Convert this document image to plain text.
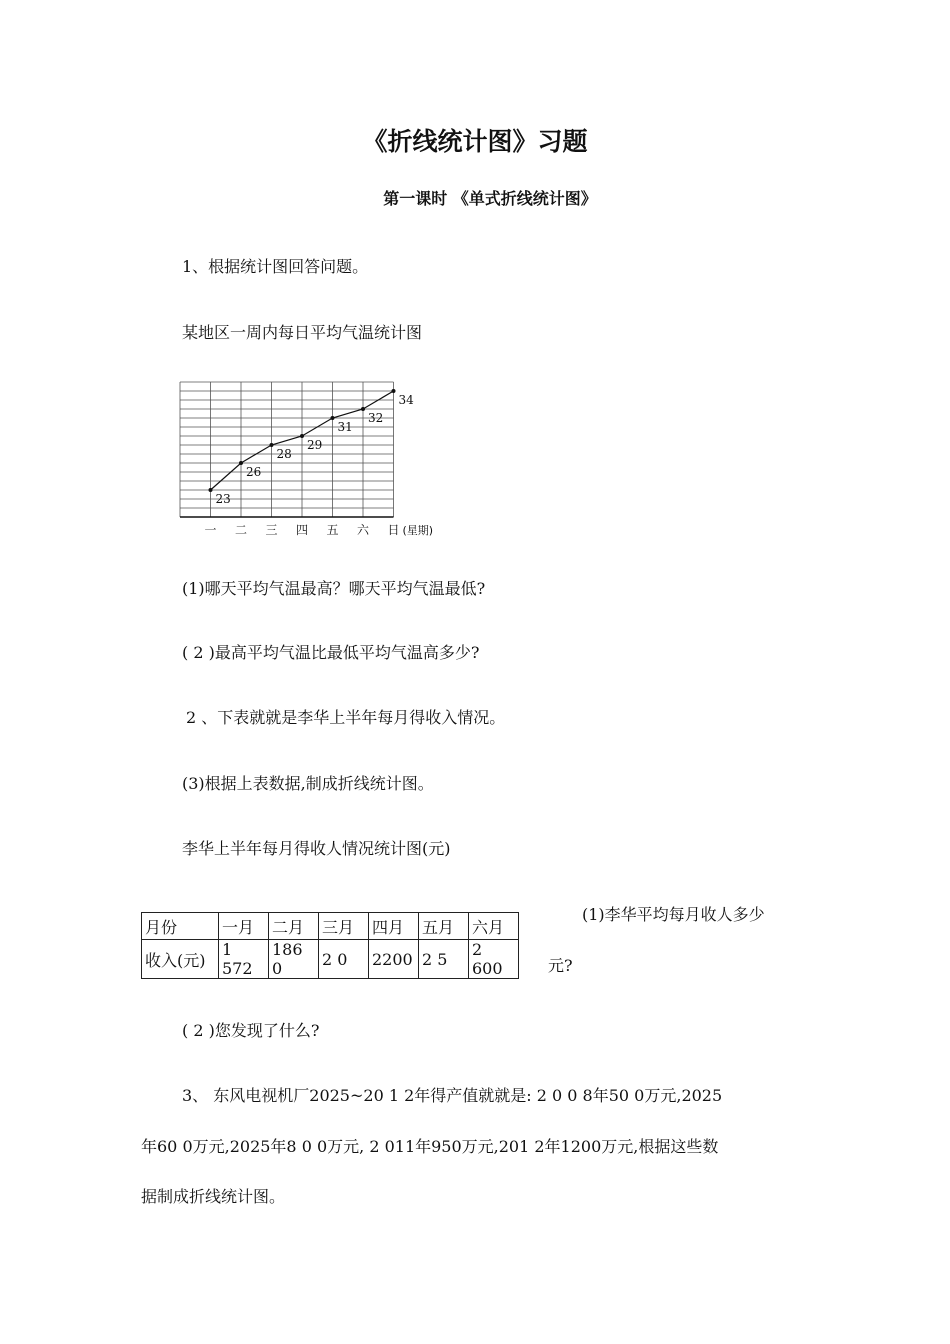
《折线统计图》习题
第一课时 《单式折线统计图》
1、根据统计图回答问题。
某地区一周内每日平均气温统计图
23
26
28
29
31
32
34
一 二 三 四 五 六 日 (星期)
(1)哪天平均气温最高？哪天平均气温最低?
( 2 )最高平均气温比最低平均气温高多少?
2 、下表就就是李华上半年每月得收入情况。
(3)根据上表数据,制成折线统计图。
李华上半年每月得收人情况统计图(元)
月份	一月	二月	三月	四月	五月	六月
收入(元)	1 572	186 0	2 0	2200	2 5	2 600
(1)李华平均每月收人多少
元?
( 2 )您发现了什么?
3、 东风电视机厂2025~20 1 2年得产值就就是: 2 0 0 8年50 0万元,2025
年60 0万元,2025年8 0 0万元, 2 011年950万元,201 2年1200万元,根据这些数
据制成折线统计图。
